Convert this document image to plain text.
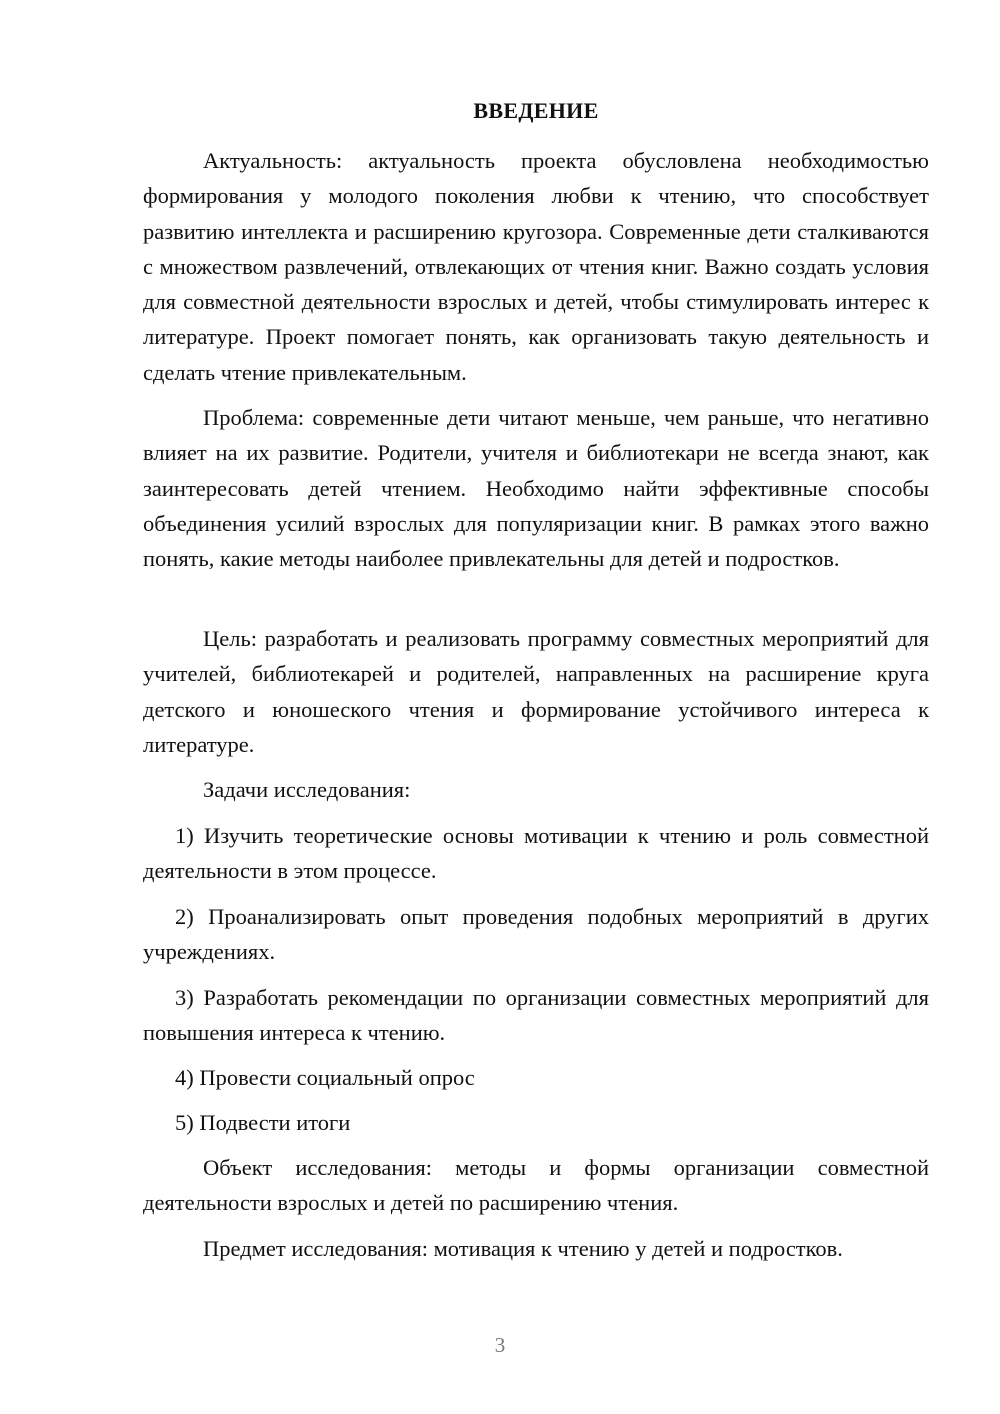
ВВЕДЕНИЕ

Актуальность: актуальность проекта обусловлена необходимостью формирования у молодого поколения любви к чтению, что способствует развитию интеллекта и расширению кругозора. Современные дети сталкиваются с множеством развлечений, отвлекающих от чтения книг. Важно создать условия для совместной деятельности взрослых и детей, чтобы стимулировать интерес к литературе. Проект помогает понять, как организовать такую деятельность и сделать чтение привлекательным.

Проблема: современные дети читают меньше, чем раньше, что негативно влияет на их развитие. Родители, учителя и библиотекари не всегда знают, как заинтересовать детей чтением. Необходимо найти эффективные способы объединения усилий взрослых для популяризации книг. В рамках этого важно понять, какие методы наиболее привлекательны для детей и подростков.

Цель: разработать и реализовать программу совместных мероприятий для учителей, библиотекарей и родителей, направленных на расширение круга детского и юношеского чтения и формирование устойчивого интереса к литературе.

Задачи исследования:

1) Изучить теоретические основы мотивации к чтению и роль совместной деятельности в этом процессе.

2) Проанализировать опыт проведения подобных мероприятий в других учреждениях.

3) Разработать рекомендации по организации совместных мероприятий для повышения интереса к чтению.

4) Провести социальный опрос

5) Подвести итоги

Объект исследования: методы и формы организации совместной деятельности взрослых и детей по расширению чтения.

Предмет исследования: мотивация к чтению у детей и подростков.

3
